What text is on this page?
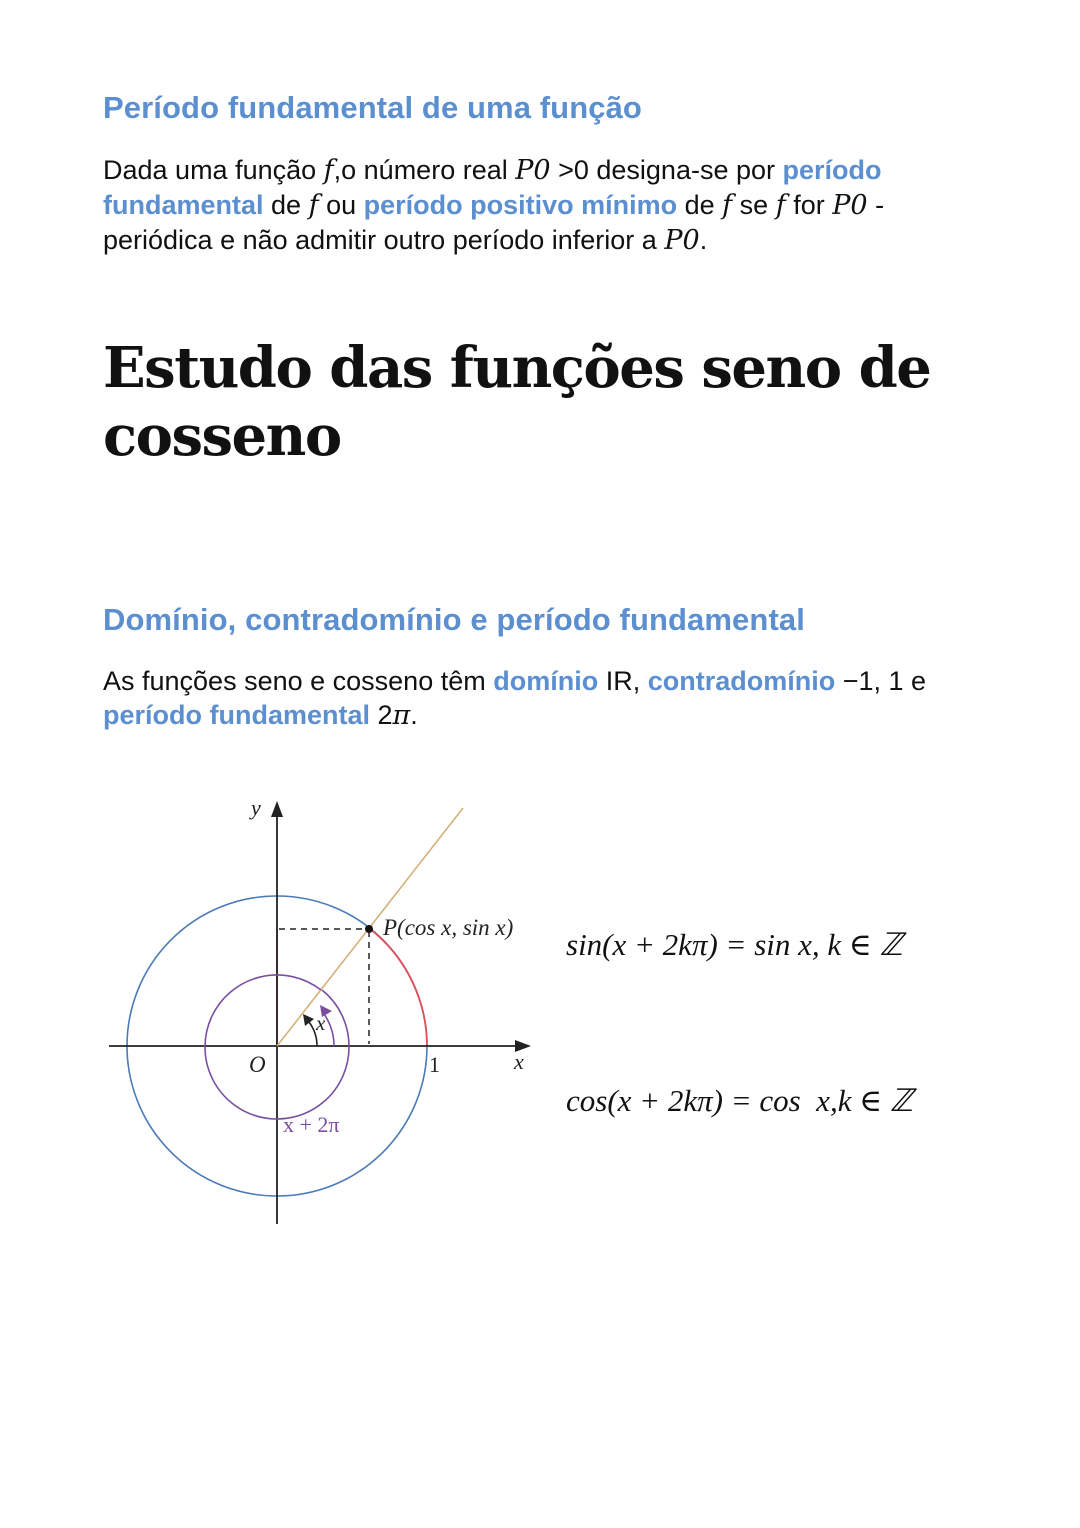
Período fundamental de uma função
Dada uma função f,o número real P0 >0 designa-se por período
fundamental de f ou período positivo mínimo de f se f for P0 -
periódica e não admitir outro período inferior a P0.
Estudo das funções seno de
cosseno
Domínio, contradomínio e período fundamental
As funções seno e cosseno têm domínio IR, contradomínio −1, 1 e
período fundamental 2π.
y
x
O	1
P(cos x, sin x)
x
x + 2π
sin(x + 2kπ) = sin x, k ∈ ℤ
cos(x + 2kπ) = cos  x,k ∈ ℤ
